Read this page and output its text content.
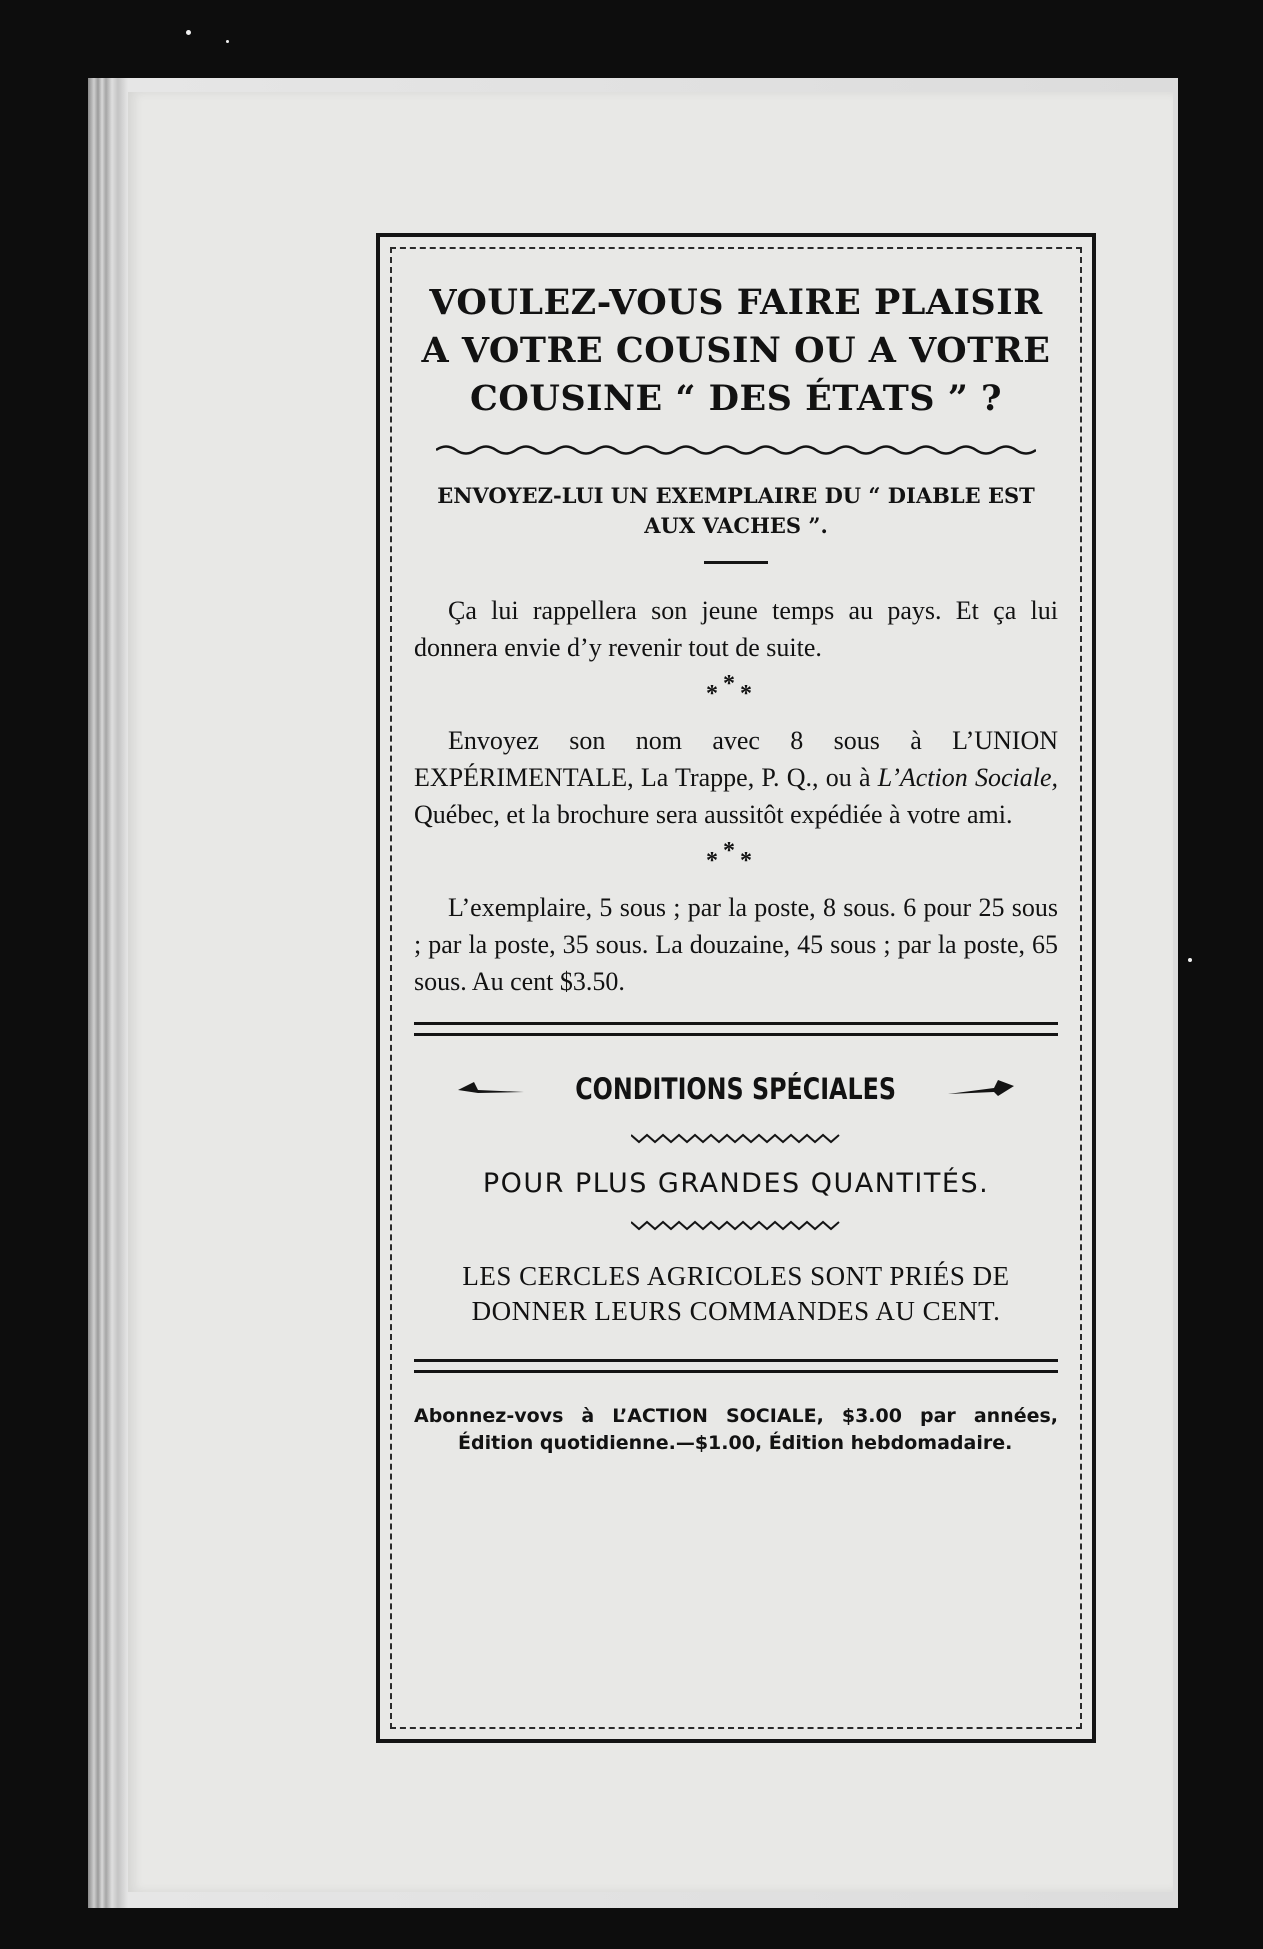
VOULEZ-VOUS FAIRE PLAISIR A VOTRE COUSIN OU A VOTRE COUSINE “ DES ÉTATS ” ?

ENVOYEZ-LUI UN EXEMPLAIRE DU “ DIABLE EST AUX VACHES ”.

Ça lui rappellera son jeune temps au pays. Et ça lui donnera envie d’y revenir tout de suite.

* * *

Envoyez son nom avec 8 sous à L’UNION EXPÉRIMENTALE, La Trappe, P. Q., ou à L’Action Sociale, Québec, et la brochure sera aussitôt expédiée à votre ami.

* * *

L’exemplaire, 5 sous ; par la poste, 8 sous. 6 pour 25 sous ; par la poste, 35 sous. La douzaine, 45 sous ; par la poste, 65 sous. Au cent $3.50.

CONDITIONS SPÉCIALES

POUR PLUS GRANDES QUANTITÉS.

LES CERCLES AGRICOLES SONT PRIÉS DE DONNER LEURS COMMANDES AU CENT.

Abonnez-vovs à L’ACTION SOCIALE, $3.00 par années, Édition quotidienne.—$1.00, Édition hebdomadaire.
